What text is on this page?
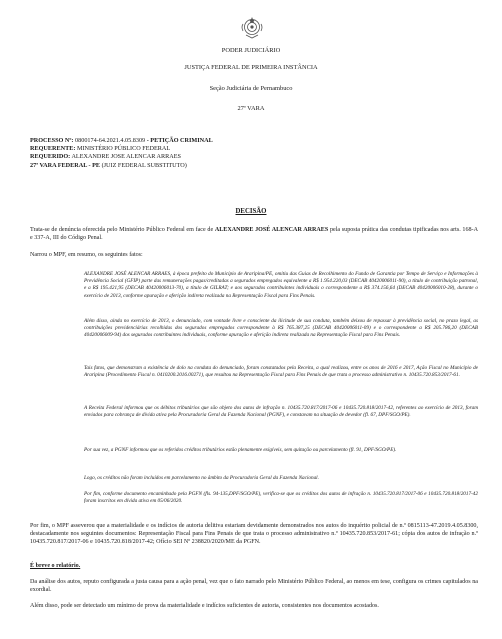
PODER JUDICIÁRIO
JUSTIÇA FEDERAL DE PRIMEIRA INSTÂNCIA
Seção Judiciária de Pernambuco
27ª VARA
PROCESSO Nº: 0800174-64.2021.4.05.8309 - PETIÇÃO CRIMINAL
REQUERENTE: MINISTÉRIO PÚBLICO FEDERAL
REQUERIDO: ALEXANDRE JOSE ALENCAR ARRAES
27ª VARA FEDERAL - PE (JUIZ FEDERAL SUBSTITUTO)
DECISÃO
Trata-se de denúncia oferecida pelo Ministério Público Federal em face de ALEXANDRE JOSÉ ALENCAR ARRAES pela suposta prática das condutas tipificadas nos arts. 168-A e 337-A, III do Código Penal.
Narrou o MPF, em resumo, os seguintes fatos:
ALEXANDRE JOSÉ ALENCAR ARRAES, à época prefeito do Município de Araripina/PE, omitiu das Guias de Recolhimento do Fundo de Garantia por Tempo de Serviço e Informações à Previdência Social (GFIP) parte das remunerações pagas/creditadas a segurados empregados equivalente a R$ 1.954.220,03 (DECAB 40420006011-90), a título de contribuição patronal, e a R$ 195.421,95 (DECAB 40420006013-70), a título de GILRAT; e aos segurados contribuintes individuais o correspondente a R$ 374.156,64 (DECAB 40420006010-28), durante o exercício de 2013, conforme apuração e aferição indireta realizada na Representação Fiscal para Fins Penais.
Além disso, ainda no exercício de 2013, o denunciado, com vontade livre e consciente da ilicitude de sua conduta, também deixou de repassar à previdência social, no prazo legal, as contribuições previdenciárias recolhidas dos segurados empregados correspondente à R$ 765.387,25 (DECAB 40420006011-09) e o correspondente a R$ 205.786,20 (DECAB 40420006009-94) dos segurados contribuintes individuais, conforme apuração e aferição indireta realizada na Representação Fiscal para Fins Penais.
Tais fatos, que demonstram a existência de dolo na conduta do denunciado, foram constatados pela Receita, a qual realizou, entre os anos de 2016 e 2017, Ação Fiscal no Município de Araripina (Procedimento Fiscal n. 0410200.2016.00271), que resultou na Representação Fiscal para Fins Penais de que trata o processo administrativo n. 10435.720.853/2017-61.
A Receita Federal informou que os débitos tributários que são objeto dos autos de infração n. 10435.720.817/2017-06 e 10435.720.818/2017-42, referentes ao exercício de 2013, foram enviados para cobrança de dívida ativa pela Procuradoria Geral da Fazenda Nacional (PGNF), e constavam na situação de devedor (fl. 67, DPF/SGO/PE).
Por sua vez, a PGNF informou que os referidos créditos tributários estão plenamente exigíveis, sem quitação ou parcelamento (fl. 91, DPF/SGO/PE).
Logo, os créditos não foram incluídos em parcelamento no âmbito da Procuradoria Geral da Fazenda Nacional.
Por fim, conforme documento encaminhado pela PGFN (fls. 94-135,DPF/SGO/PE), verifica-se que os créditos dos autos de infração n. 10435.720.817/2017-06 e 10435.720.818/2017-42 foram inscritos em dívida ativa em 05/06/2020.
Por fim, o MPF asseverou que a materialidade e os indícios de autoria delitiva estariam devidamente demonstrados nos autos do inquérito policial de n.º 0815113-47.2019.4.05.8300, destacadamente nos seguintes documentos: Representação Fiscal para Fins Penais de que trata o processo administrativo n.º 10435.720.853/2017-61; cópia dos autos de infração n.º 10435.720.817/2017-06 e 10435.720.818/2017-42; Ofício SEI Nº 238820/2020/ME da PGFN.
É breve o relatório.
Da análise dos autos, reputo configurada a justa causa para a ação penal, vez que o fato narrado pelo Ministério Público Federal, ao menos em tese, configura os crimes capitulados na exordial.
Além disso, pode ser detectado um mínimo de prova da materialidade e indícios suficientes de autoria, consistentes nos documentos acostados.
